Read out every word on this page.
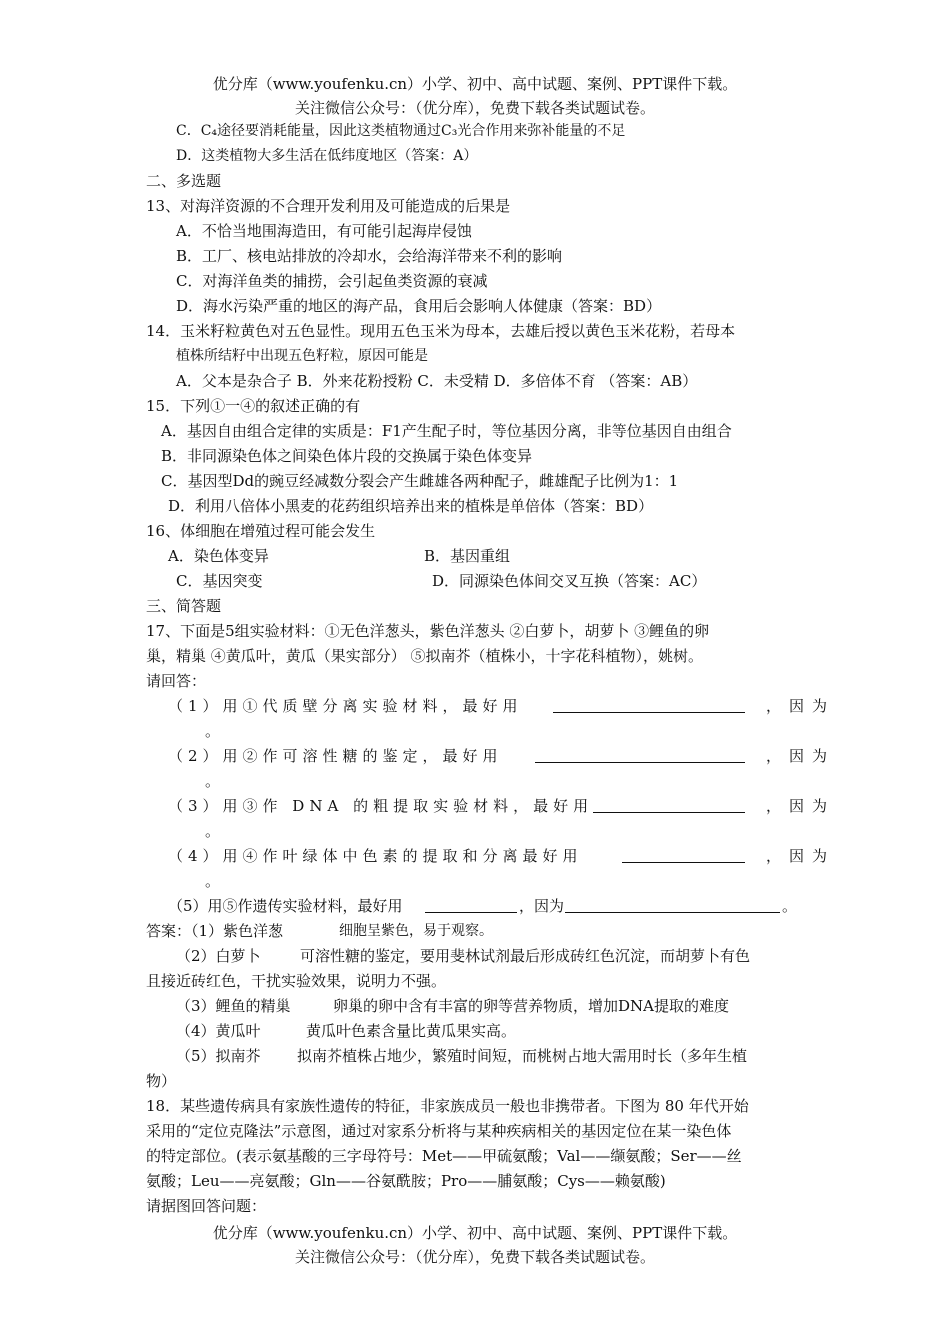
优分库（www.youfenku.cn）小学、初中、高中试题、案例、PPT课件下载。
关注微信公众号：（优分库），免费下载各类试题试卷。
C．C₄途径要消耗能量，因此这类植物通过C₃光合作用来弥补能量的不足
D．这类植物大多生活在低纬度地区（答案：A）
二、多选题
13、对海洋资源的不合理开发利用及可能造成的后果是
A．不恰当地围海造田，有可能引起海岸侵蚀
B．工厂、核电站排放的冷却水，会给海洋带来不利的影响
C．对海洋鱼类的捕捞，会引起鱼类资源的衰减
D．海水污染严重的地区的海产品，食用后会影响人体健康（答案：BD）
14．玉米籽粒黄色对五色显性。现用五色玉米为母本，去雄后授以黄色玉米花粉，若母本
植株所结籽中出现五色籽粒，原因可能是
A．父本是杂合子 B．外来花粉授粉 C．未受精 D．多倍体不育 （答案：AB）
15．下列①一④的叙述正确的有
A．基因自由组合定律的实质是：F1产生配子时，等位基因分离，非等位基因自由组合
B．非同源染色体之间染色体片段的交换属于染色体变异
C．基因型Dd的豌豆经减数分裂会产生雌雄各两种配子，雌雄配子比例为1：1
D．利用八倍体小黑麦的花药组织培养出来的植株是单倍体（答案：BD）
16、体细胞在增殖过程可能会发生
A．染色体变异	B．基因重组
C．基因突变	D．同源染色体间交叉互换（答案：AC）
三、简答题
17、下面是5组实验材料：①无色洋葱头，紫色洋葱头 ②白萝卜，胡萝卜 ③鲤鱼的卵
巢，精巢 ④黄瓜叶，黄瓜（果实部分） ⑤拟南芥（植株小，十字花科植物），姚树。
请回答：
（1）用①代质壁分离实验材料，最好用	，因为
。
（2）用②作可溶性糖的鉴定，最好用	，因为
。
（3）用③作 DNA 的粗提取实验材料，最好用	，因为
。
（4）用④作叶绿体中色素的提取和分离最好用	，因为
。
（5）用⑤作遗传实验材料，最好用	，因为	。
答案：（1）紫色洋葱	细胞呈紫色，易于观察。
（2）白萝卜	可溶性糖的鉴定，要用斐林试剂最后形成砖红色沉淀，而胡萝卜有色
且接近砖红色，干扰实验效果，说明力不强。
（3）鲤鱼的精巢	卵巢的卵中含有丰富的卵等营养物质，增加DNA提取的难度
（4）黄瓜叶	黄瓜叶色素含量比黄瓜果实高。
（5）拟南芥 拟南芥植株占地少，繁殖时间短，而桃树占地大需用时长（多年生植
物）
18．某些遗传病具有家族性遗传的特征，非家族成员一般也非携带者。下图为 80 年代开始
采用的“定位克隆法”示意图，通过对家系分析将与某种疾病相关的基因定位在某一染色体
的特定部位。(表示氨基酸的三字母符号：Met——甲硫氨酸；Val——缬氨酸；Ser——丝
氨酸；Leu——亮氨酸；Gln——谷氨酰胺；Pro——脯氨酸；Cys——赖氨酸)
请据图回答问题：
优分库（www.youfenku.cn）小学、初中、高中试题、案例、PPT课件下载。
关注微信公众号：（优分库），免费下载各类试题试卷。
